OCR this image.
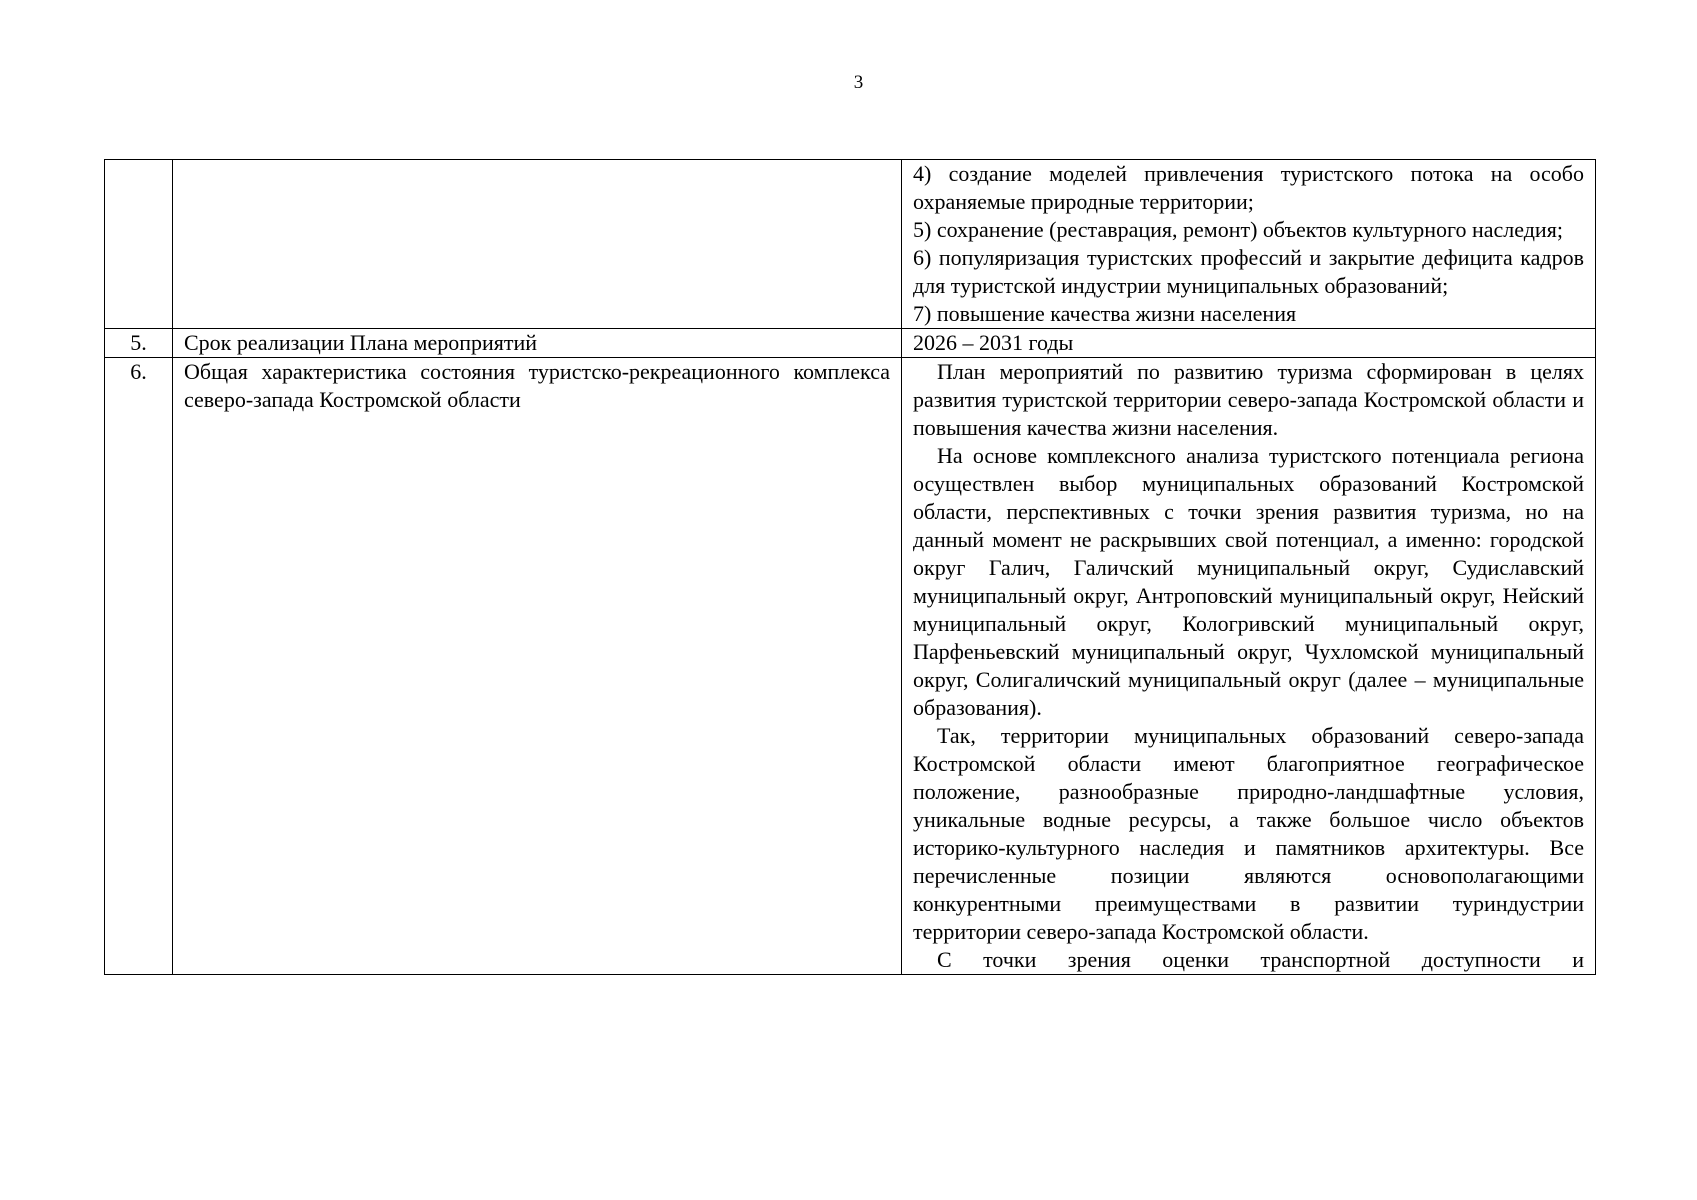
3

		4) создание моделей привлечения туристского потока на особо охраняемые природные территории;

5) сохранение (реставрация, ремонт) объектов культурного наследия;

6) популяризация туристских профессий и закрытие дефицита кадров для туристской индустрии муниципальных образований;

7) повышение качества жизни населения

5.	Срок реализации Плана мероприятий	2026 – 2031 годы

6.	Общая характеристика состояния туристско-рекреационного комплекса северо-запада Костромской области	План мероприятий по развитию туризма сформирован в целях развития туристской территории северо-запада Костромской области и повышения качества жизни населения.

На основе комплексного анализа туристского потенциала региона осуществлен выбор муниципальных образований Костромской области, перспективных с точки зрения развития туризма, но на данный момент не раскрывших свой потенциал, а именно: городской округ Галич, Галичский муниципальный округ, Судиславский муниципальный округ, Антроповский муниципальный округ, Нейский муниципальный округ, Кологривский муниципальный округ, Парфеньевский муниципальный округ, Чухломской муниципальный округ, Солигаличский муниципальный округ (далее – муниципальные образования).

Так, территории муниципальных образований северо-запада Костромской области имеют благоприятное географическое положение, разнообразные природно-ландшафтные условия, уникальные водные ресурсы, а также большое число объектов историко-культурного наследия и памятников архитектуры. Все перечисленные позиции являются основополагающими конкурентными преимуществами в развитии туриндустрии территории северо-запада Костромской области.

С точки зрения оценки транспортной доступности и
